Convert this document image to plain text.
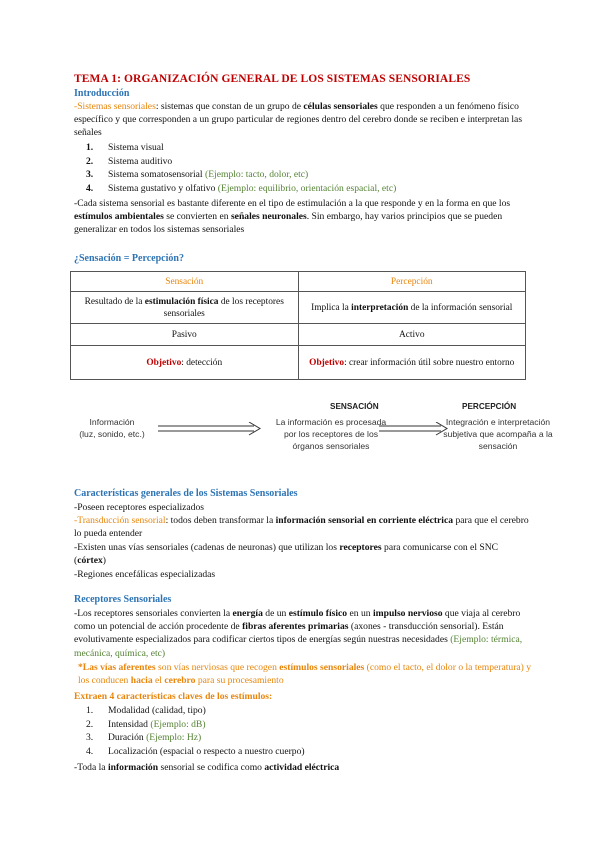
TEMA 1: ORGANIZACIÓN GENERAL DE LOS SISTEMAS SENSORIALES
Introducción
-Sistemas sensoriales: sistemas que constan de un grupo de células sensoriales que responden a un fenómeno físico específico y que corresponden a un grupo particular de regiones dentro del cerebro donde se reciben e interpretan las señales
1. Sistema visual
2. Sistema auditivo
3. Sistema somatosensorial (Ejemplo: tacto, dolor, etc)
4. Sistema gustativo y olfativo (Ejemplo: equilibrio, orientación espacial, etc)
-Cada sistema sensorial es bastante diferente en el tipo de estimulación a la que responde y en la forma en que los estímulos ambientales se convierten en señales neuronales. Sin embargo, hay varios principios que se pueden generalizar en todos los sistemas sensoriales
¿Sensación = Percepción?
Sensación	Percepción
Resultado de la estimulación física de los receptores sensoriales	Implica la interpretación de la información sensorial
Pasivo	Activo
Objetivo: detección	Objetivo: crear información útil sobre nuestro entorno
SENSACIÓN	PERCEPCIÓN
Información
(luz, sonido, etc.)
La información es procesada
por los receptores de los
órganos sensoriales
Integración e interpretación
subjetiva que acompaña a la
sensación
Características generales de los Sistemas Sensoriales
-Poseen receptores especializados
-Transducción sensorial: todos deben transformar la información sensorial en corriente eléctrica para que el cerebro lo pueda entender
-Existen unas vías sensoriales (cadenas de neuronas) que utilizan los receptores para comunicarse con el SNC (córtex)
-Regiones encefálicas especializadas
Receptores Sensoriales
-Los receptores sensoriales convierten la energía de un estímulo físico en un impulso nervioso que viaja al cerebro como un potencial de acción procedente de fibras aferentes primarias (axones - transducción sensorial). Están evolutivamente especializados para codificar ciertos tipos de energías según nuestras necesidades (Ejemplo: térmica, mecánica, química, etc)
*Las vías aferentes son vías nerviosas que recogen estímulos sensoriales (como el tacto, el dolor o la temperatura) y los conducen hacia el cerebro para su procesamiento
Extraen 4 características claves de los estímulos:
1. Modalidad (calidad, tipo)
2. Intensidad (Ejemplo: dB)
3. Duración (Ejemplo: Hz)
4. Localización (espacial o respecto a nuestro cuerpo)
-Toda la información sensorial se codifica como actividad eléctrica
